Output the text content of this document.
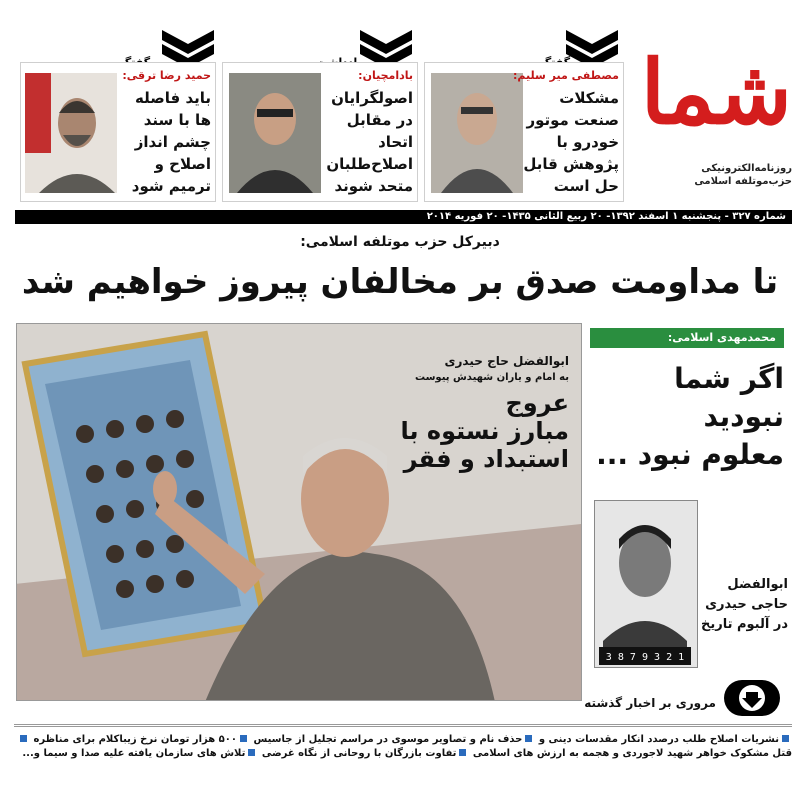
شما
روزنامه‌الکترونیکی
حزب‌موتلفه اسلامی
مصطفی میر سلیم:
مشکلات صنعت موتور خودرو با پژوهش قابل حل است
بادامچیان:
اصولگرایان در مقابل اتحاد اصلاح‌طلبان متحد شوند
حمید رضا ترقی:
باید فاصله ها با سند چشم انداز اصلاح و ترمیم شود
شماره ۳۲۷ - پنجشنبه ۱ اسفند ۱۳۹۲- ۲۰ ربیع الثانی ۱۴۳۵- ۲۰ فوریه ۲۰۱۴
دبیرکل حزب موتلفه اسلامی:
تا مداومت صدق بر مخالفان پیروز خواهیم شد
ابوالفضل حاج حیدری
به امام و یاران شهیدش پیوست
عروج
مبارز نستوه با
استبداد و فقر
محمدمهدی اسلامی:
اگر شما نبودید
معلوم نبود ...
1 2 3 9 7 8 3
ابوالفضل حاجی حیدری در آلبوم تاریخ
مروری بر اخبار گذشته
نشریات اصلاح طلب درصدد انکار مقدسات دینی و حذف نام و تصاویر موسوی در مراسم تجلیل از جاسیس ۵۰۰ هزار تومان نرخ زیباکلام برای مناظره قتل مشکوک خواهر شهید لاجوردی و هجمه به ارزش های اسلامی تفاوت بازرگان با روحانی از نگاه غرضی تلاش های سازمان یافته علیه صدا و سیما و...
